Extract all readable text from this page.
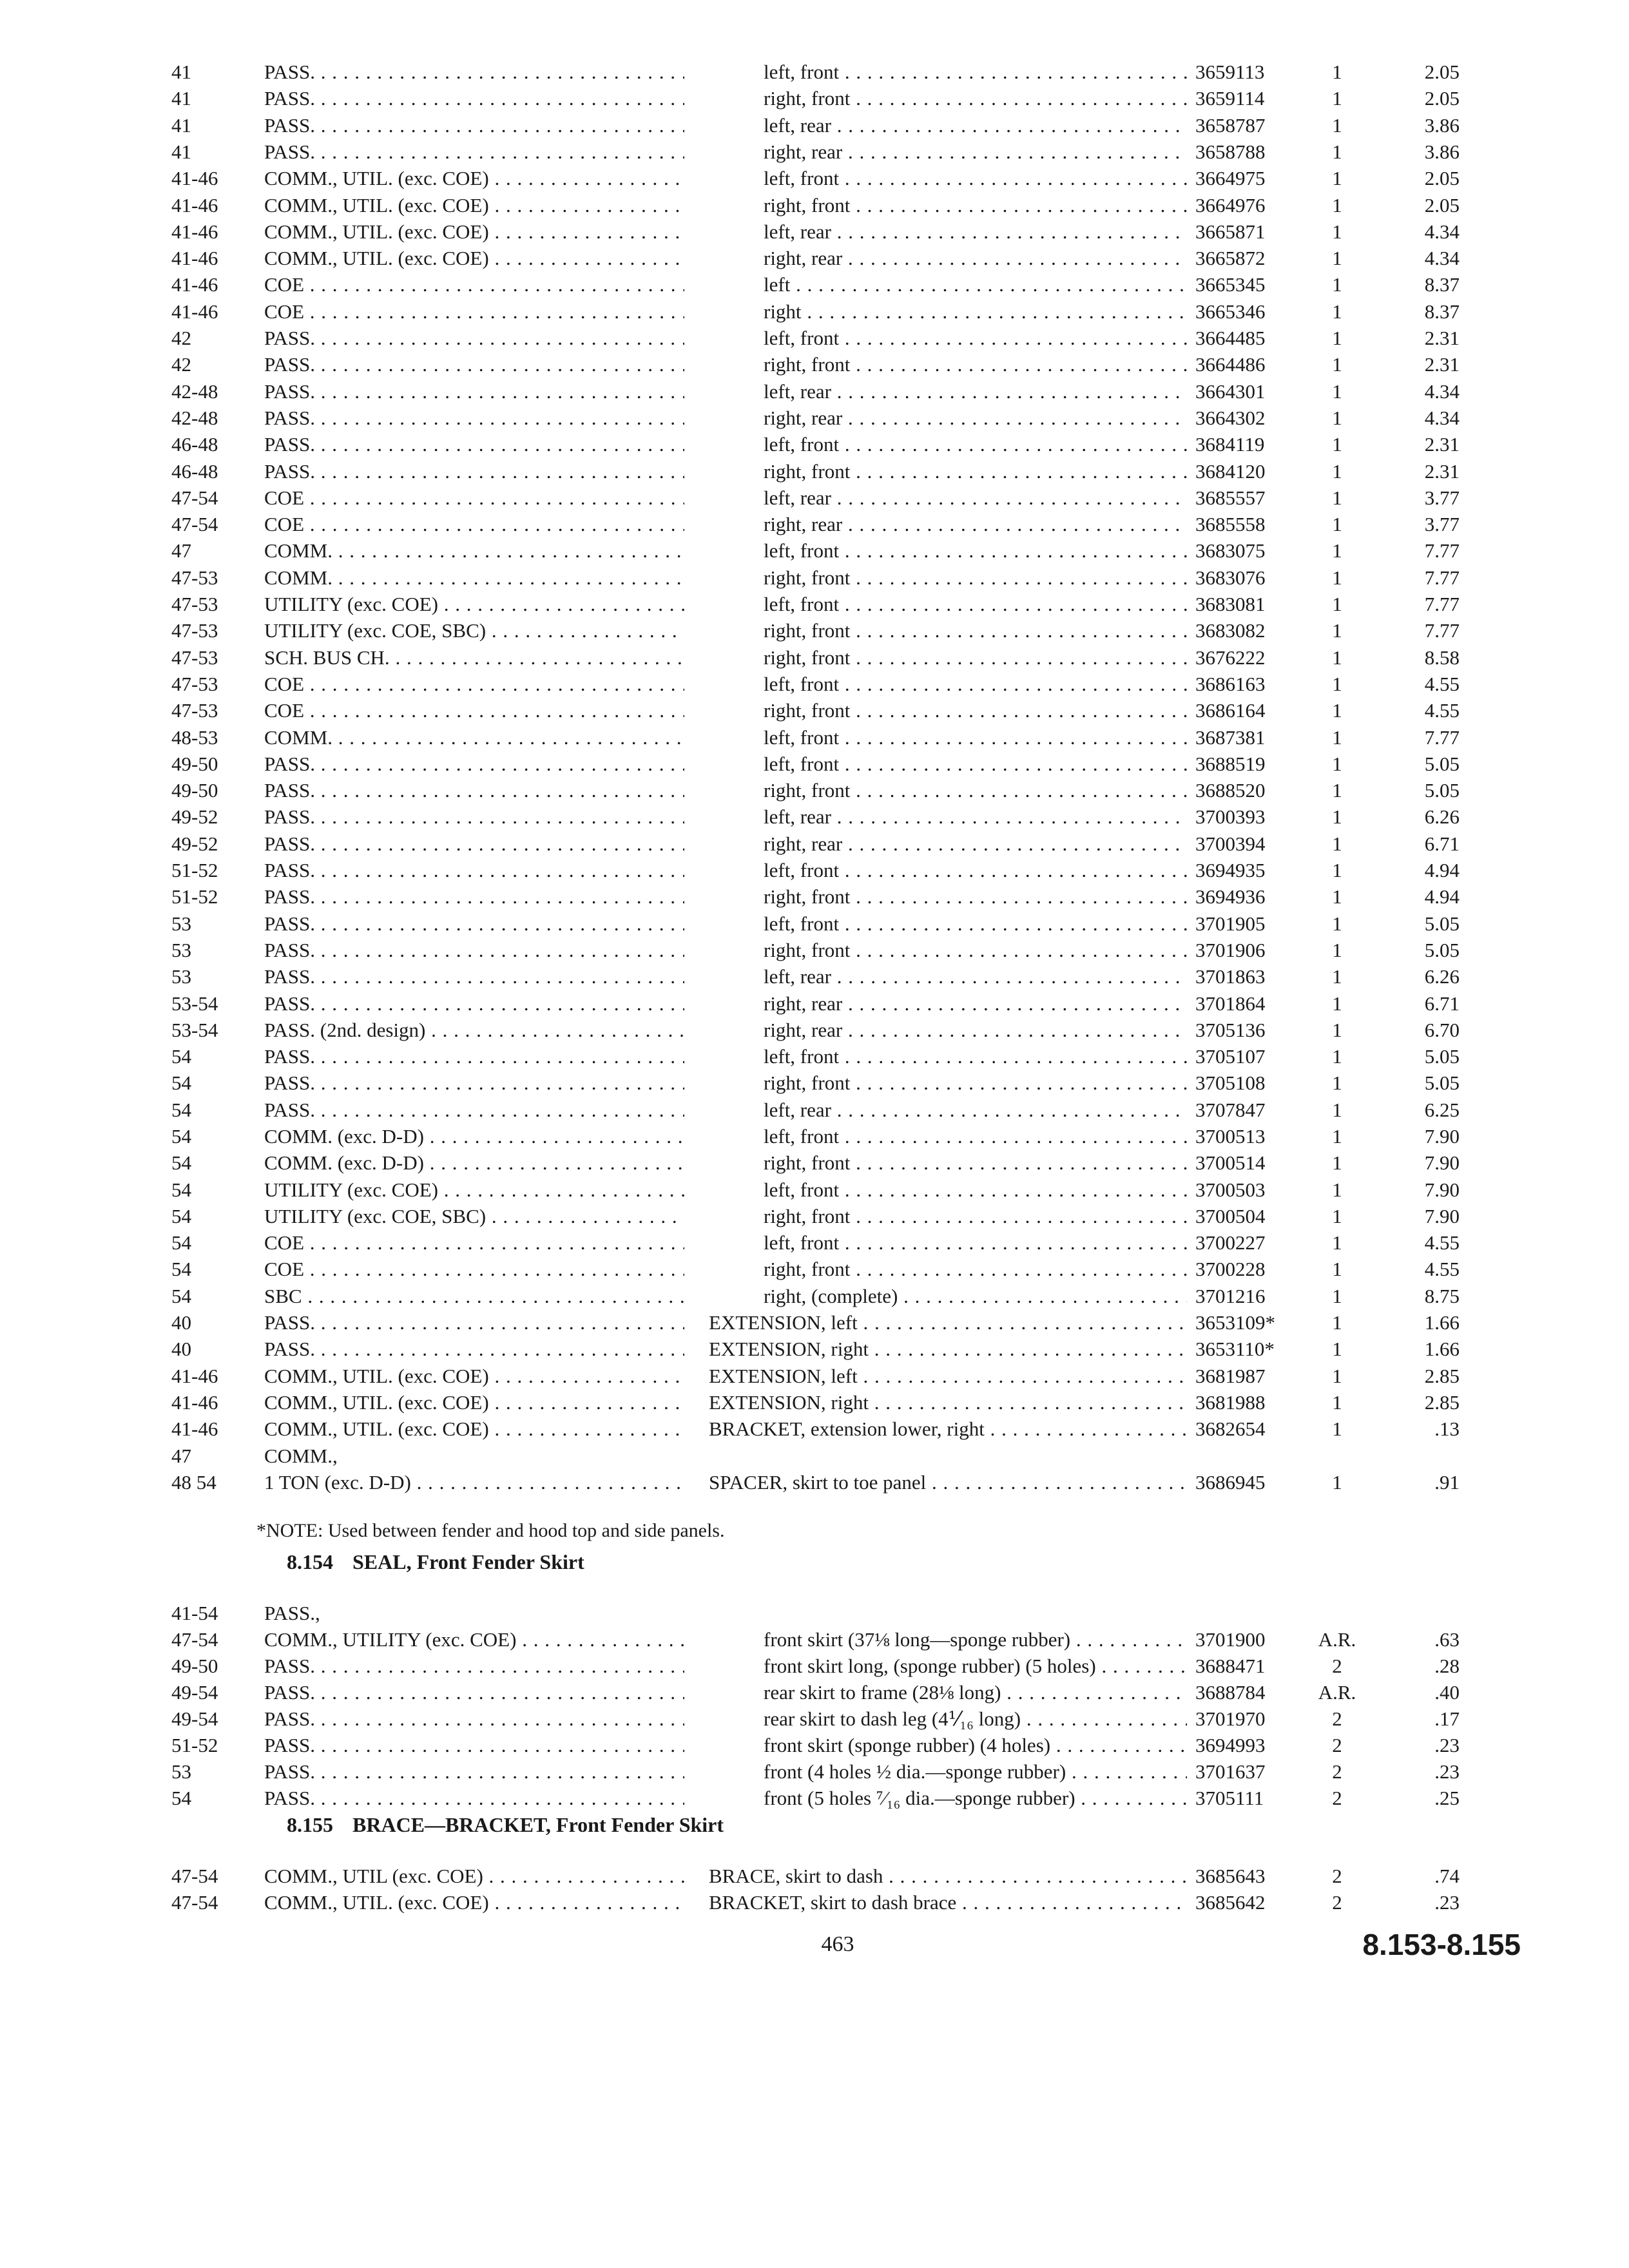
41	PASS. . . .	left, front . . .	3659113	1	2.05
41	PASS. . . .	right, front . . .	3659114	1	2.05
41	PASS. . . .	left, rear . . .	3658787	1	3.86
41	PASS. . . .	right, rear . . .	3658788	1	3.86
41-46	COMM., UTIL. (exc. COE) . . .	left, front . . .	3664975	1	2.05
41-46	COMM., UTIL. (exc. COE) . . .	right, front . . .	3664976	1	2.05
41-46	COMM., UTIL. (exc. COE) . . .	left, rear . . .	3665871	1	4.34
41-46	COMM., UTIL. (exc. COE) . . .	right, rear . . .	3665872	1	4.34
41-46	COE . . .	left . . .	3665345	1	8.37
41-46	COE . . .	right . . .	3665346	1	8.37
42	PASS. . . .	left, front . . .	3664485	1	2.31
42	PASS. . . .	right, front . . .	3664486	1	2.31
42-48	PASS. . . .	left, rear . . .	3664301	1	4.34
42-48	PASS. . . .	right, rear . . .	3664302	1	4.34
46-48	PASS. . . .	left, front . . .	3684119	1	2.31
46-48	PASS. . . .	right, front . . .	3684120	1	2.31
47-54	COE . . .	left, rear . . .	3685557	1	3.77
47-54	COE . . .	right, rear . . .	3685558	1	3.77
47	COMM. . . .	left, front . . .	3683075	1	7.77
47-53	COMM. . . .	right, front . . .	3683076	1	7.77
47-53	UTILITY (exc. COE) . . .	left, front . . .	3683081	1	7.77
47-53	UTILITY (exc. COE, SBC) . . .	right, front . . .	3683082	1	7.77
47-53	SCH. BUS CH. . . .	right, front . . .	3676222	1	8.58
47-53	COE . . .	left, front . . .	3686163	1	4.55
47-53	COE . . .	right, front . . .	3686164	1	4.55
48-53	COMM. . . .	left, front . . .	3687381	1	7.77
49-50	PASS. . . .	left, front . . .	3688519	1	5.05
49-50	PASS. . . .	right, front . . .	3688520	1	5.05
49-52	PASS. . . .	left, rear . . .	3700393	1	6.26
49-52	PASS. . . .	right, rear . . .	3700394	1	6.71
51-52	PASS. . . .	left, front . . .	3694935	1	4.94
51-52	PASS. . . .	right, front . . .	3694936	1	4.94
53	PASS. . . .	left, front . . .	3701905	1	5.05
53	PASS. . . .	right, front . . .	3701906	1	5.05
53	PASS. . . .	left, rear . . .	3701863	1	6.26
53-54	PASS. . . .	right, rear . . .	3701864	1	6.71
53-54	PASS. (2nd. design) . . .	right, rear . . .	3705136	1	6.70
54	PASS. . . .	left, front . . .	3705107	1	5.05
54	PASS. . . .	right, front . . .	3705108	1	5.05
54	PASS. . . .	left, rear . . .	3707847	1	6.25
54	COMM. (exc. D-D) . . .	left, front . . .	3700513	1	7.90
54	COMM. (exc. D-D) . . .	right, front . . .	3700514	1	7.90
54	UTILITY (exc. COE) . . .	left, front . . .	3700503	1	7.90
54	UTILITY (exc. COE, SBC) . . .	right, front . . .	3700504	1	7.90
54	COE . . .	left, front . . .	3700227	1	4.55
54	COE . . .	right, front . . .	3700228	1	4.55
54	SBC . . .	right, (complete) . . .	3701216	1	8.75
40	PASS. . . .	EXTENSION, left . . .	3653109*	1	1.66
40	PASS. . . .	EXTENSION, right . . .	3653110*	1	1.66
41-46	COMM., UTIL. (exc. COE) . . .	EXTENSION, left . . .	3681987	1	2.85
41-46	COMM., UTIL. (exc. COE) . . .	EXTENSION, right . . .	3681988	1	2.85
41-46	COMM., UTIL. (exc. COE) . . .	BRACKET, extension lower, right . . .	3682654	1	.13
47	COMM.,
48 54	1 TON (exc. D-D) . . .	SPACER, skirt to toe panel . . .	3686945	1	.91
41-54	PASS.,
47-54	COMM., UTILITY (exc. COE) . . .	front skirt (37⅛ long—sponge rubber) . . .	3701900	A.R.	.63
49-50	PASS. . . .	front skirt long, (sponge rubber) (5 holes) . . .	3688471	2	.28
49-54	PASS. . . .	rear skirt to frame (28⅛ long) . . .	3688784	A.R.	.40
49-54	PASS. . . .	rear skirt to dash leg (4⅟₁₆ long) . . .	3701970	2	.17
51-52	PASS. . . .	front skirt (sponge rubber) (4 holes) . . .	3694993	2	.23
53	PASS. . . .	front (4 holes ½ dia.—sponge rubber) . . .	3701637	2	.23
54	PASS. . . .	front (5 holes ⁷⁄₁₆ dia.—sponge rubber) . . .	3705111	2	.25
47-54	COMM., UTIL (exc. COE) . . .	BRACE, skirt to dash . . .	3685643	2	.74
47-54	COMM., UTIL. (exc. COE) . . .	BRACKET, skirt to dash brace . . .	3685642	2	.23
*NOTE: Used between fender and hood top and side panels.
8.154 SEAL, Front Fender Skirt
8.155 BRACE—BRACKET, Front Fender Skirt
463	8.153-8.155
